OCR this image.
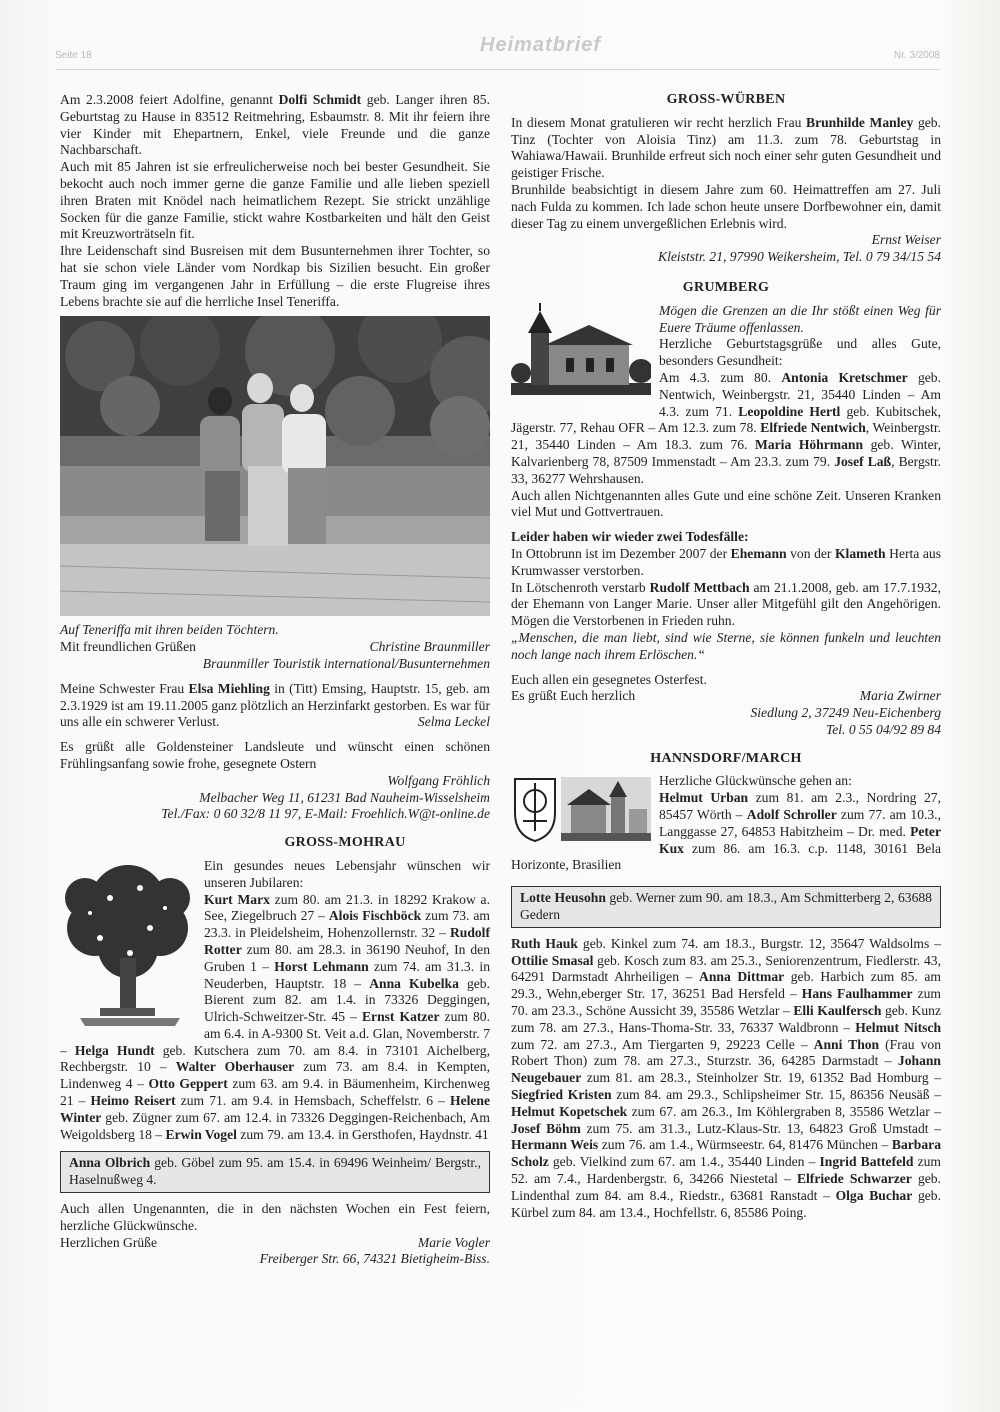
Seite 18	Heimatbrief	Nr. 3/2008

Am 2.3.2008 feiert Adolfine, genannt Dolfi Schmidt geb. Langer ihren 85. Geburtstag zu Hause in 83512 Reitmehring, Esbaumstr. 8. Mit ihr feiern ihre vier Kinder mit Ehepartnern, Enkel, viele Freunde und die ganze Nachbarschaft.

Auch mit 85 Jahren ist sie erfreulicherweise noch bei bester Gesundheit. Sie bekocht auch noch immer gerne die ganze Familie und alle lieben speziell ihren Braten mit Knödel nach heimatlichem Rezept. Sie strickt unzählige Socken für die ganze Familie, stickt wahre Kostbarkeiten und hält den Geist mit Kreuzworträtseln fit.

Ihre Leidenschaft sind Busreisen mit dem Busunternehmen ihrer Tochter, so hat sie schon viele Länder vom Nordkap bis Sizilien besucht. Ein großer Traum ging im vergangenen Jahr in Erfüllung – die erste Flugreise ihres Lebens brachte sie auf die herrliche Insel Teneriffa.

Auf Teneriffa mit ihren beiden Töchtern.

Mit freundlichen Grüßen	Christine Braunmiller
Braunmiller Touristik international/Busunternehmen

Meine Schwester Frau Elsa Miehling in (Titt) Emsing, Hauptstr. 15, geb. am 2.3.1929 ist am 19.11.2005 ganz plötzlich an Herzinfarkt gestorben. Es war für uns alle ein schwerer Verlust.	Selma Leckel

Es grüßt alle Goldensteiner Landsleute und wünscht einen schönen Frühlingsanfang sowie frohe, gesegnete Ostern

Wolfgang Fröhlich
Melbacher Weg 11, 61231 Bad Nauheim-Wisselsheim
Tel./Fax: 0 60 32/8 11 97, E-Mail: Froehlich.W@t-online.de
GROSS-MOHRAU

Ein gesundes neues Lebensjahr wünschen wir unseren Jubilaren:

Kurt Marx zum 80. am 21.3. in 18292 Krakow a. See, Ziegelbruch 27 – Alois Fischböck zum 73. am 23.3. in Pleidelsheim, Hohenzollernstr. 32 – Rudolf Rotter zum 80. am 28.3. in 36190 Neuhof, In den Gruben 1 – Horst Lehmann zum 74. am 31.3. in Neuderben, Hauptstr. 18 – Anna Kubelka geb. Bierent zum 82. am 1.4. in 73326 Deggingen, Ulrich-Schweitzer-Str. 45 – Ernst Katzer zum 80. am 6.4. in A-9300 St. Veit a.d. Glan, Novemberstr. 7 – Helga Hundt geb. Kutschera zum 70. am 8.4. in 73101 Aichelberg, Rechbergstr. 10 – Walter Oberhauser zum 73. am 8.4. in Kempten, Lindenweg 4 – Otto Geppert zum 63. am 9.4. in Bäumenheim, Kirchenweg 21 – Heimo Reisert zum 71. am 9.4. in Hemsbach, Scheffelstr. 6 – Helene Winter geb. Zügner zum 67. am 12.4. in 73326 Deggingen-Reichenbach, Am Weigoldsberg 18 – Erwin Vogel zum 79. am 13.4. in Gersthofen, Haydnstr. 41

Anna Olbrich geb. Göbel zum 95. am 15.4. in 69496 Weinheim/ Bergstr., Haselnußweg 4.

Auch allen Ungenannten, die in den nächsten Wochen ein Fest feiern, herzliche Glückwünsche.

Herzlichen Grüße	Marie Vogler
Freiberger Str. 66, 74321 Bietigheim-Biss.
GROSS-WÜRBEN

In diesem Monat gratulieren wir recht herzlich Frau Brunhilde Manley geb. Tinz (Tochter von Aloisia Tinz) am 11.3. zum 78. Geburtstag in Wahiawa/Hawaii. Brunhilde erfreut sich noch einer sehr guten Gesundheit und geistiger Frische.

Brunhilde beabsichtigt in diesem Jahre zum 60. Heimattreffen am 27. Juli nach Fulda zu kommen. Ich lade schon heute unsere Dorfbewohner ein, damit dieser Tag zu einem unvergeßlichen Erlebnis wird.

Ernst Weiser
Kleiststr. 21, 97990 Weikersheim, Tel. 0 79 34/15 54
GRUMBERG

Mögen die Grenzen an die Ihr stößt einen Weg für Euere Träume offenlassen.

Herzliche Geburtstagsgrüße und alles Gute, besonders Gesundheit:

Am 4.3. zum 80. Antonia Kretschmer geb. Nentwich, Weinbergstr. 21, 35440 Linden – Am 4.3. zum 71. Leopoldine Hertl geb. Kubitschek, Jägerstr. 77, Rehau OFR – Am 12.3. zum 78. Elfriede Nentwich, Weinbergstr. 21, 35440 Linden – Am 18.3. zum 76. Maria Höhrmann geb. Winter, Kalvarienberg 78, 87509 Immenstadt – Am 23.3. zum 79. Josef Laß, Bergstr. 33, 36277 Wehrshausen.

Auch allen Nichtgenannten alles Gute und eine schöne Zeit. Unseren Kranken viel Mut und Gottvertrauen.

Leider haben wir wieder zwei Todesfälle:

In Ottobrunn ist im Dezember 2007 der Ehemann von der Klameth Herta aus Krumwasser verstorben.

In Lötschenroth verstarb Rudolf Mettbach am 21.1.2008, geb. am 17.7.1932, der Ehemann von Langer Marie. Unser aller Mitgefühl gilt den Angehörigen. Mögen die Verstorbenen in Frieden ruhn.

„Menschen, die man liebt, sind wie Sterne, sie können funkeln und leuchten noch lange nach ihrem Erlöschen.“

Euch allen ein gesegnetes Osterfest.

Es grüßt Euch herzlich	Maria Zwirner
Siedlung 2, 37249 Neu-Eichenberg
Tel. 0 55 04/92 89 84
HANNSDORF/MARCH

Herzliche Glückwünsche gehen an:

Helmut Urban zum 81. am 2.3., Nordring 27, 85457 Wörth – Adolf Schroller zum 77. am 10.3., Langgasse 27, 64853 Habitzheim – Dr. med. Peter Kux zum 86. am 16.3. c.p. 1148, 30161 Bela Horizonte, Brasilien

Lotte Heusohn geb. Werner zum 90. am 18.3., Am Schmitterberg 2, 63688 Gedern

Ruth Hauk geb. Kinkel zum 74. am 18.3., Burgstr. 12, 35647 Waldsolms – Ottilie Smasal geb. Kosch zum 83. am 25.3., Seniorenzentrum, Fiedlerstr. 43, 64291 Darmstadt Ahrheiligen – Anna Dittmar geb. Harbich zum 85. am 29.3., Wehn,eberger Str. 17, 36251 Bad Hersfeld – Hans Faulhammer zum 70. am 23.3., Schöne Aussicht 39, 35586 Wetzlar – Elli Kaulfersch geb. Kunz zum 78. am 27.3., Hans-Thoma-Str. 33, 76337 Waldbronn – Helmut Nitsch zum 72. am 27.3., Am Tiergarten 9, 29223 Celle – Anni Thon (Frau von Robert Thon) zum 78. am 27.3., Sturzstr. 36, 64285 Darmstadt – Johann Neugebauer zum 81. am 28.3., Steinholzer Str. 19, 61352 Bad Homburg – Siegfried Kristen zum 84. am 29.3., Schlipsheimer Str. 15, 86356 Neusäß – Helmut Kopetschek zum 67. am 26.3., Im Köhlergraben 8, 35586 Wetzlar – Josef Böhm zum 75. am 31.3., Lutz-Klaus-Str. 13, 64823 Groß Umstadt – Hermann Weis zum 76. am 1.4., Würmseestr. 64, 81476 München – Barbara Scholz geb. Vielkind zum 67. am 1.4., 35440 Linden – Ingrid Battefeld zum 52. am 7.4., Hardenbergstr. 6, 34266 Niestetal – Elfriede Schwarzer geb. Lindenthal zum 84. am 8.4., Riedstr., 63681 Ranstadt – Olga Buchar geb. Kürbel zum 84. am 13.4., Hochfellstr. 6, 85586 Poing.
